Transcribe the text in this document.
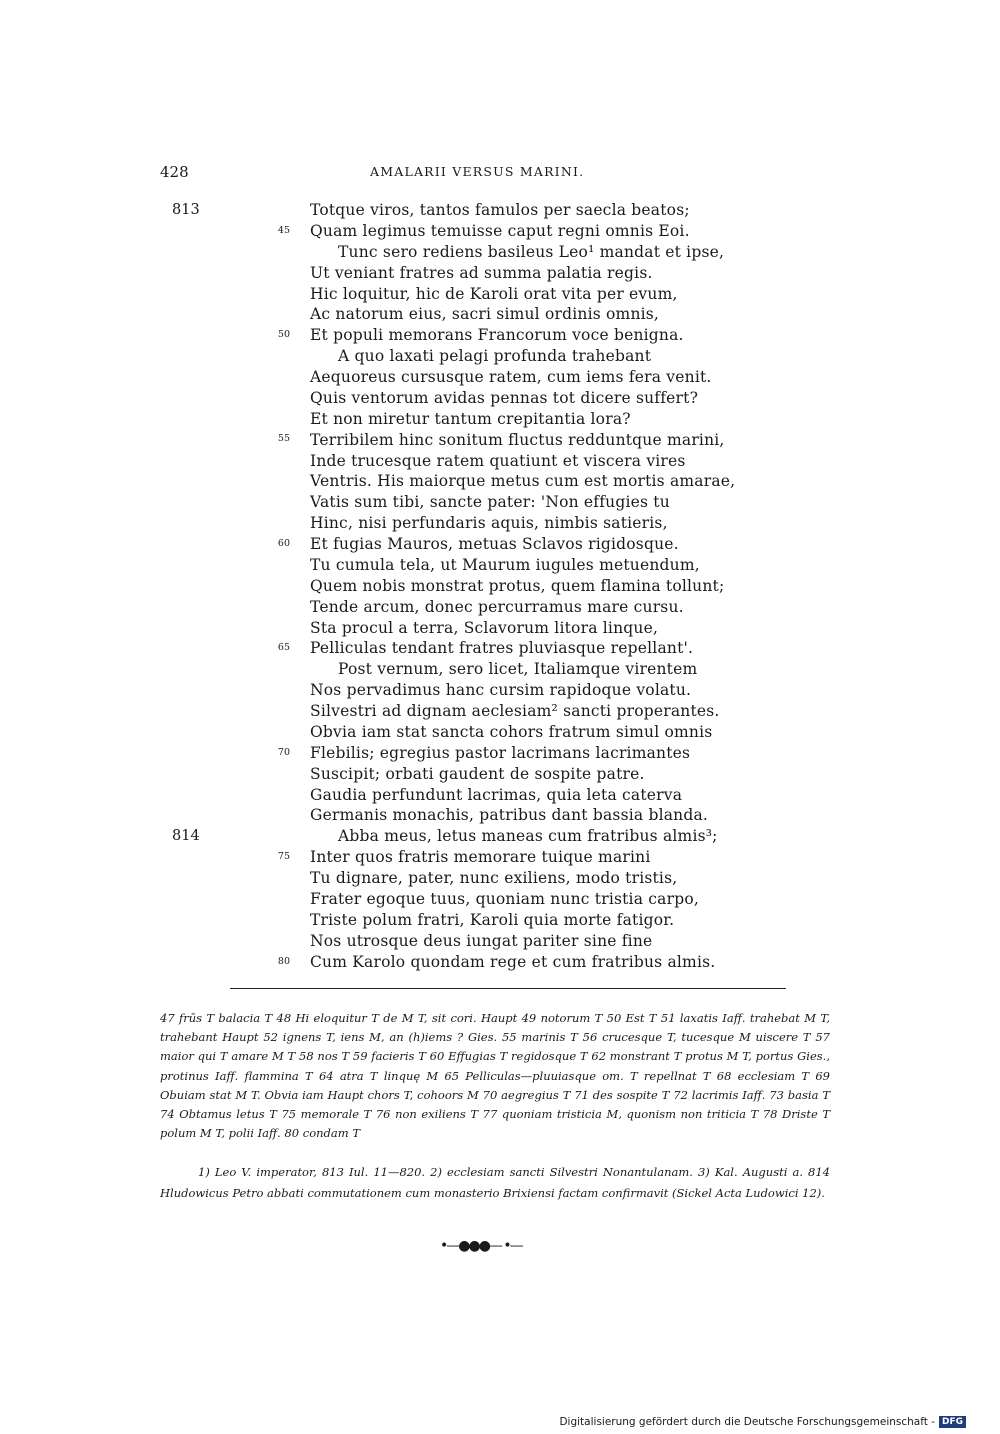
428	AMALARII VERSUS MARINI.
813
814
45
50
55
60
65
70
75
80
Totque viros, tantos famulos per saecla beatos;
Quam legimus temuisse caput regni omnis Eoi.
Tunc sero rediens basileus Leo¹ mandat et ipse,
Ut veniant fratres ad summa palatia regis.
Hic loquitur, hic de Karoli orat vita per evum,
Ac natorum eius, sacri simul ordinis omnis,
Et populi memorans Francorum voce benigna.
A quo laxati pelagi profunda trahebant
Aequoreus cursusque ratem, cum iems fera venit.
Quis ventorum avidas pennas tot dicere suffert?
Et non miretur tantum crepitantia lora?
Terribilem hinc sonitum fluctus redduntque marini,
Inde trucesque ratem quatiunt et viscera vires
Ventris. His maiorque metus cum est mortis amarae,
Vatis sum tibi, sancte pater: 'Non effugies tu
Hinc, nisi perfundaris aquis, nimbis satieris,
Et fugias Mauros, metuas Sclavos rigidosque.
Tu cumula tela, ut Maurum iugules metuendum,
Quem nobis monstrat protus, quem flamina tollunt;
Tende arcum, donec percurramus mare cursu.
Sta procul a terra, Sclavorum litora linque,
Pelliculas tendant fratres pluviasque repellant'.
Post vernum, sero licet, Italiamque virentem
Nos pervadimus hanc cursim rapidoque volatu.
Silvestri ad dignam aeclesiam² sancti properantes.
Obvia iam stat sancta cohors fratrum simul omnis
Flebilis; egregius pastor lacrimans lacrimantes
Suscipit; orbati gaudent de sospite patre.
Gaudia perfundunt lacrimas, quia leta caterva
Germanis monachis, patribus dant bassia blanda.
Abba meus, letus maneas cum fratribus almis³;
Inter quos fratris memorare tuique marini
Tu dignare, pater, nunc exiliens, modo tristis,
Frater egoque tuus, quoniam nunc tristia carpo,
Triste polum fratri, Karoli quia morte fatigor.
Nos utrosque deus iungat pariter sine fine
Cum Karolo quondam rege et cum fratribus almis.
47 frūs T balacia T 48 Hi eloquitur T de M T, sit cori. Haupt 49 notorum T 50 Est T 51 laxatis Iaff. trahebat M T, trahebant Haupt 52 ignens T, iens M, an (h)iems ? Gies. 55 marinis T 56 crucesque T, tucesque M uiscere T 57 maior qui T amare M T 58 nos T 59 facieris T 60 Effugias T regidosque T 62 monstrant T protus M T, portus Gies., protinus Iaff. flammina T 64 atra T linquę M 65 Pelliculas—pluuiasque om. T repellnat T 68 ecclesiam T 69 Obuiam stat M T. Obvia iam Haupt chors T, cohoors M 70 aegregius T 71 des sospite T 72 lacrimis Iaff. 73 basia T 74 Obtamus letus T 75 memorale T 76 non exiliens T 77 quoniam tristicia M, quonism non triticia T 78 Driste T polum M T, polii Iaff. 80 condam T
1) Leo V. imperator, 813 Iul. 11—820. 2) ecclesiam sancti Silvestri Nonantulanam. 3) Kal. Augusti a. 814 Hludowicus Petro abbati commutationem cum monasterio Brixiensi factam confirmavit (Sickel Acta Ludowici 12).
•—●●●— •—
Digitalisierung gefördert durch die Deutsche Forschungsgemeinschaft - DFG
